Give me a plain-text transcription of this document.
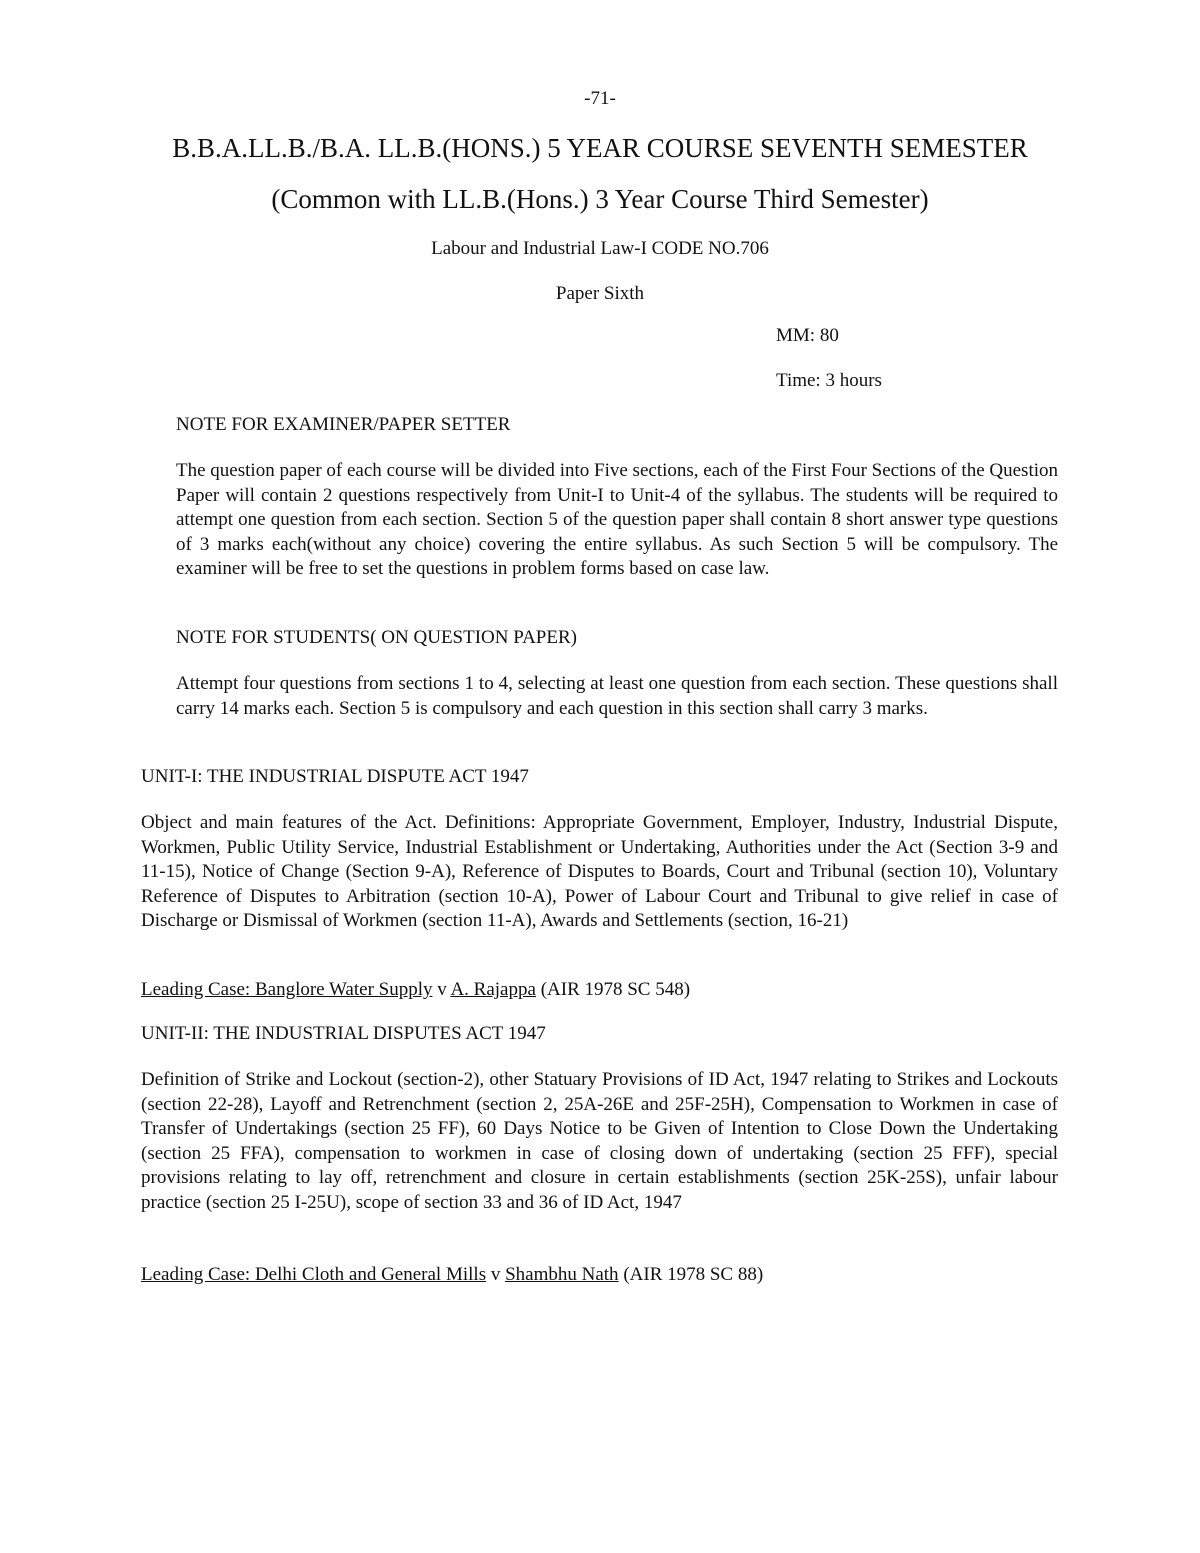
-71-
B.B.A.LL.B./B.A. LL.B.(HONS.) 5 YEAR COURSE SEVENTH SEMESTER
(Common with LL.B.(Hons.) 3 Year Course Third Semester)
Labour and Industrial Law-I CODE NO.706
Paper Sixth
MM: 80
Time: 3 hours
NOTE FOR EXAMINER/PAPER SETTER

The question paper of each course will be divided into Five sections, each of the First Four Sections of the Question Paper will contain 2 questions respectively from Unit-I to Unit-4 of the syllabus. The students will be required to attempt one question from each section. Section 5 of the question paper shall contain 8 short answer type questions of 3 marks each(without any choice) covering the entire syllabus. As such Section 5 will be compulsory. The examiner will be free to set the questions in problem forms based on case law.

NOTE FOR STUDENTS( ON QUESTION PAPER)

Attempt four questions from sections 1 to 4, selecting at least one question from each section. These questions shall carry 14 marks each. Section 5 is compulsory and each question in this section shall carry 3 marks.

UNIT-I: THE INDUSTRIAL DISPUTE ACT 1947

Object and main features of the Act. Definitions: Appropriate Government, Employer, Industry, Industrial Dispute, Workmen, Public Utility Service, Industrial Establishment or Undertaking, Authorities under the Act (Section 3-9 and 11-15), Notice of Change (Section 9-A), Reference of Disputes to Boards, Court and Tribunal (section 10), Voluntary Reference of Disputes to Arbitration (section 10-A), Power of Labour Court and Tribunal to give relief in case of Discharge or Dismissal of Workmen (section 11-A), Awards and Settlements (section, 16-21)

Leading Case: Banglore Water Supply v A. Rajappa (AIR 1978 SC 548)
UNIT-II: THE INDUSTRIAL DISPUTES ACT 1947

Definition of Strike and Lockout (section-2), other Statuary Provisions of ID Act, 1947 relating to Strikes and Lockouts (section 22-28), Layoff and Retrenchment (section 2, 25A-26E and 25F-25H), Compensation to Workmen in case of Transfer of Undertakings (section 25 FF), 60 Days Notice to be Given of Intention to Close Down the Undertaking (section 25 FFA), compensation to workmen in case of closing down of undertaking (section 25 FFF), special provisions relating to lay off, retrenchment and closure in certain establishments (section 25K-25S), unfair labour practice (section 25 I-25U), scope of section 33 and 36 of ID Act, 1947

Leading Case: Delhi Cloth and General Mills v Shambhu Nath (AIR 1978 SC 88)
